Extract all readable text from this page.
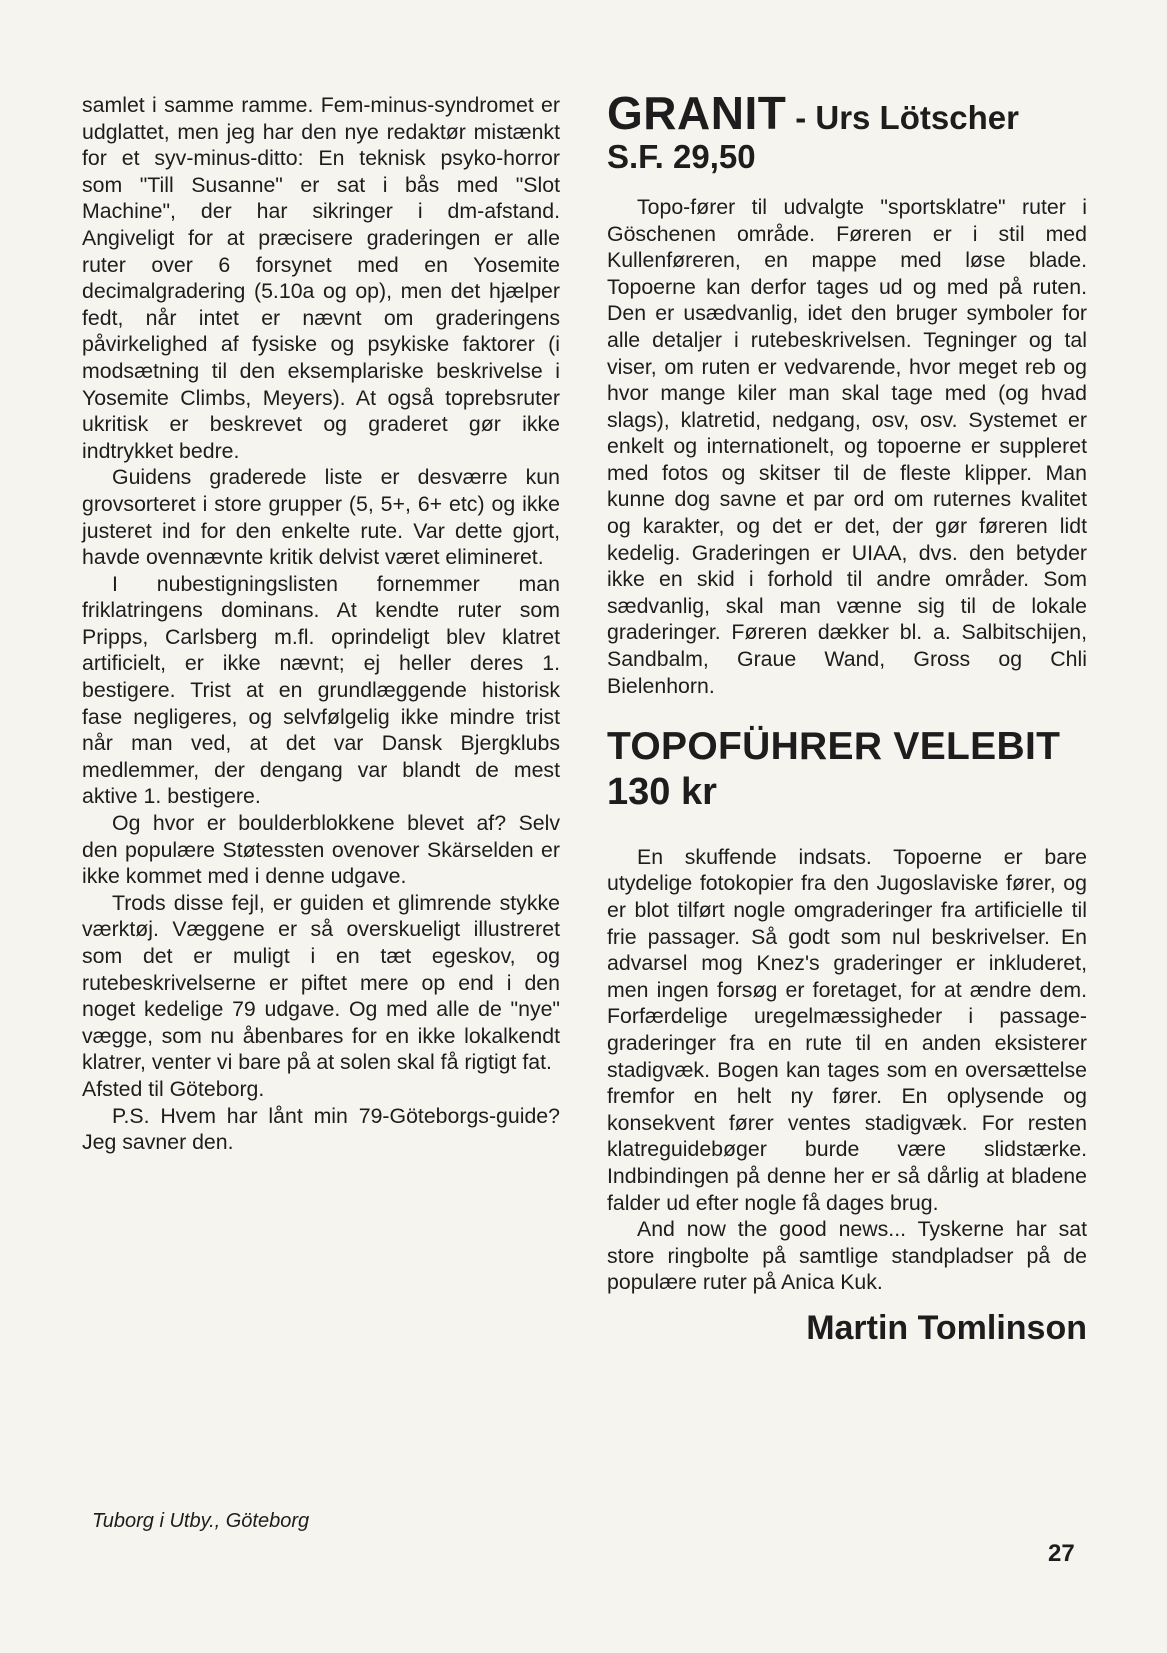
samlet i samme ramme. Fem-minus-syndromet er udglattet, men jeg har den nye redaktør mistænkt for et syv-minus-ditto: En teknisk psyko-horror som "Till Susanne" er sat i bås med "Slot Machine", der har sikringer i dm-afstand. Angiveligt for at præcisere graderingen er alle ruter over 6 forsynet med en Yosemite decimalgradering (5.10a og op), men det hjælper fedt, når intet er nævnt om graderingens påvirkelighed af fysiske og psykiske faktorer (i modsætning til den eksemplariske beskrivelse i Yosemite Climbs, Meyers). At også toprebsruter ukritisk er beskrevet og graderet gør ikke indtrykket bedre.

Guidens graderede liste er desværre kun grovsorteret i store grupper (5, 5+, 6+ etc) og ikke justeret ind for den enkelte rute. Var dette gjort, havde ovennævnte kritik delvist været elimineret.

I nubestigningslisten fornemmer man friklatringens dominans. At kendte ruter som Pripps, Carlsberg m.fl. oprindeligt blev klatret artificielt, er ikke nævnt; ej heller deres 1. bestigere. Trist at en grundlæggende historisk fase negligeres, og selvfølgelig ikke mindre trist når man ved, at det var Dansk Bjergklubs medlemmer, der dengang var blandt de mest aktive 1. bestigere.

Og hvor er boulderblokkene blevet af? Selv den populære Støtessten ovenover Skärselden er ikke kommet med i denne udgave.

Trods disse fejl, er guiden et glimrende stykke værktøj. Væggene er så overskueligt illustreret som det er muligt i en tæt egeskov, og rutebeskrivelserne er piftet mere op end i den noget kedelige 79 udgave. Og med alle de "nye" vægge, som nu åbenbares for en ikke lokalkendt klatrer, venter vi bare på at solen skal få rigtigt fat.

Afsted til Göteborg.

P.S. Hvem har lånt min 79-Göteborgs-guide? Jeg savner den.

GRANIT - Urs Lötscher
S.F. 29,50

Topo-fører til udvalgte "sportsklatre" ruter i Göschenen område. Føreren er i stil med Kullenføreren, en mappe med løse blade. Topoerne kan derfor tages ud og med på ruten. Den er usædvanlig, idet den bruger symboler for alle detaljer i rutebeskrivelsen. Tegninger og tal viser, om ruten er vedvarende, hvor meget reb og hvor mange kiler man skal tage med (og hvad slags), klatretid, nedgang, osv, osv. Systemet er enkelt og internationelt, og topoerne er suppleret med fotos og skitser til de fleste klipper. Man kunne dog savne et par ord om ruternes kvalitet og karakter, og det er det, der gør føreren lidt kedelig. Graderingen er UIAA, dvs. den betyder ikke en skid i forhold til andre områder. Som sædvanlig, skal man vænne sig til de lokale graderinger. Føreren dækker bl. a. Salbitschijen, Sandbalm, Graue Wand, Gross og Chli Bielenhorn.

TOPOFÜHRER VELEBIT
130 kr

En skuffende indsats. Topoerne er bare utydelige fotokopier fra den Jugoslaviske fører, og er blot tilført nogle omgraderinger fra artificielle til frie passager. Så godt som nul beskrivelser. En advarsel mog Knez's graderinger er inkluderet, men ingen forsøg er foretaget, for at ændre dem. Forfærdelige uregelmæssigheder i passage-graderinger fra en rute til en anden eksisterer stadigvæk. Bogen kan tages som en oversættelse fremfor en helt ny fører. En oplysende og konsekvent fører ventes stadigvæk. For resten klatreguidebøger burde være slidstærke. Indbindingen på denne her er så dårlig at bladene falder ud efter nogle få dages brug.

And now the good news... Tyskerne har sat store ringbolte på samtlige standpladser på de populære ruter på Anica Kuk.

Martin Tomlinson
Tuborg i Utby., Göteborg
27
